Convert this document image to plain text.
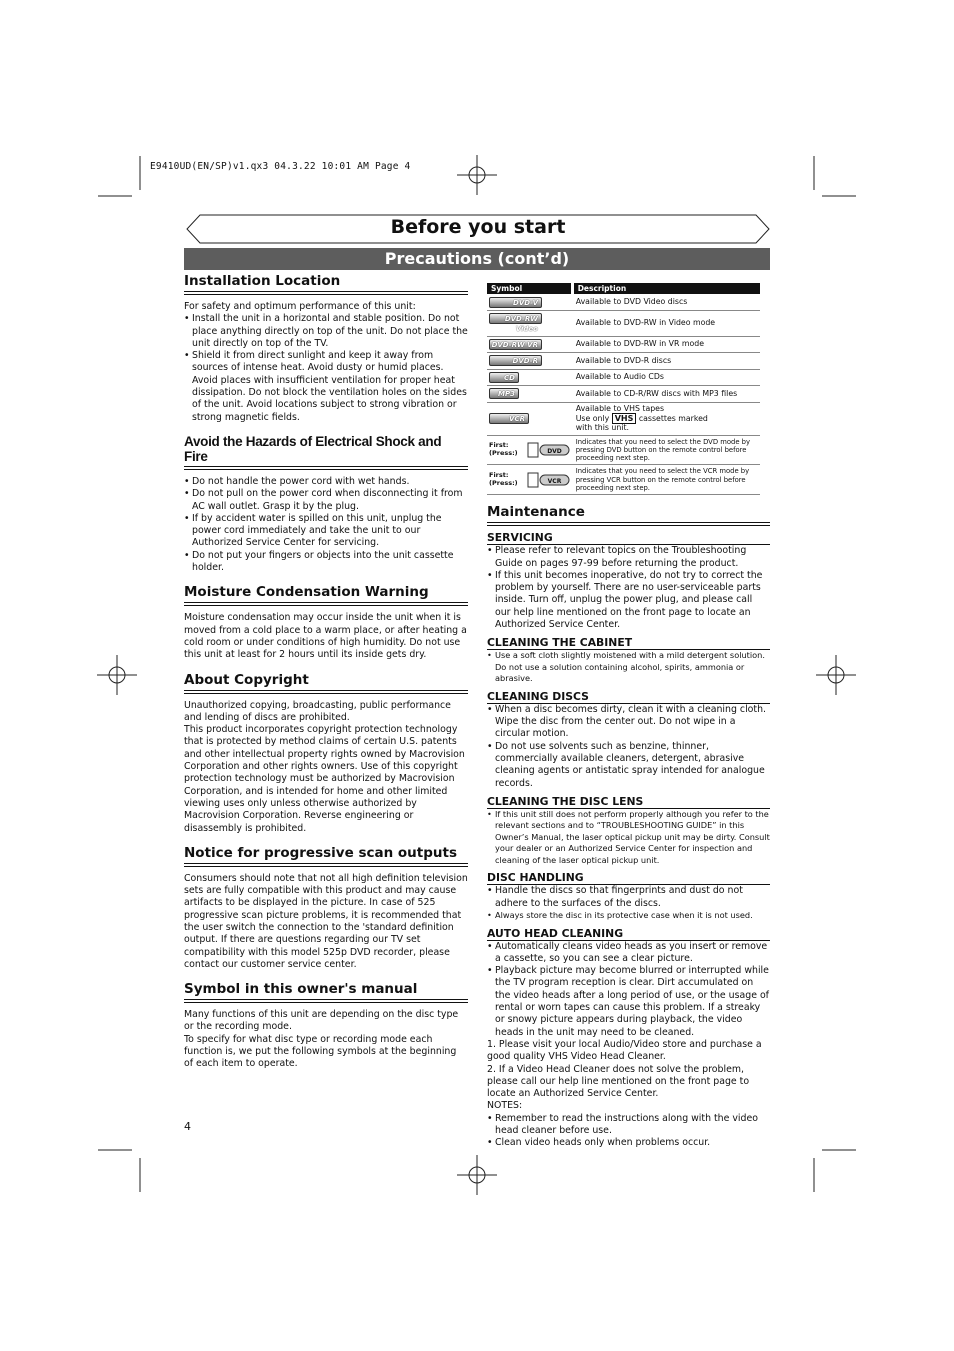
E9410UD(EN/SP)v1.qx3 04.3.22 10:01 AM Page 4
Before you start
Precautions (cont’d)
Installation Location

For safety and optimum performance of this unit:

• Install the unit in a horizontal and stable position. Do not place anything directly on top of the unit. Do not place the unit directly on top of the TV.
• Shield it from direct sunlight and keep it away from sources of intense heat. Avoid dusty or humid places. Avoid places with insufficient ventilation for proper heat dissipation. Do not block the ventilation holes on the sides of the unit. Avoid locations subject to strong vibration or strong magnetic fields.
Avoid the Hazards of Electrical Shock and Fire
• Do not handle the power cord with wet hands.
• Do not pull on the power cord when disconnecting it from AC wall outlet. Grasp it by the plug.
• If by accident water is spilled on this unit, unplug the power cord immediately and take the unit to our Authorized Service Center for servicing.
• Do not put your fingers or objects into the unit cassette holder.
Moisture Condensation Warning

Moisture condensation may occur inside the unit when it is moved from a cold place to a warm place, or after heating a cold room or under conditions of high humidity. Do not use this unit at least for 2 hours until its inside gets dry.

About Copyright

Unauthorized copying, broadcasting, public performance and lending of discs are prohibited.

This product incorporates copyright protection technology that is protected by method claims of certain U.S. patents and other intellectual property rights owned by Macrovision Corporation and other rights owners. Use of this copyright protection technology must be authorized by Macrovision Corporation, and is intended for home and other limited viewing uses only unless otherwise authorized by Macrovision Corporation. Reverse engineering or disassembly is prohibited.

Notice for progressive scan outputs

Consumers should note that not all high definition television sets are fully compatible with this product and may cause artifacts to be displayed in the picture. In case of 525 progressive scan picture problems, it is recommended that the user switch the connection to the 'standard definition output. If there are questions regarding our TV set compatibility with this model 525p DVD recorder, please contact our customer service center.

Symbol in this owner's manual

Many functions of this unit are depending on the disc type or the recording mode.

To specify for what disc type or recording mode each function is, we put the following symbols at the beginning of each item to operate.

Symbol		Description
DVD-V		Available to DVD Video discs
DVD-RW Video		Available to DVD-RW in Video mode
DVD-RW VR		Available to DVD-RW in VR mode
DVD-R		Available to DVD-R discs
CD		Available to Audio CDs
MP3		Available to CD-R/RW discs with MP3 files
VCR		Available to VHS tapes
Use only VHS cassettes marked
with this unit.

First:
(Press:) DVD		Indicates that you need to select the DVD mode by pressing DVD button on the remote control before proceeding next step.

First:
(Press:) VCR		Indicates that you need to select the VCR mode by pressing VCR button on the remote control before proceeding next step.
Maintenance
SERVICING
• Please refer to relevant topics on the Troubleshooting Guide on pages 97-99 before returning the product.
• If this unit becomes inoperative, do not try to correct the problem by yourself. There are no user-serviceable parts inside. Turn off, unplug the power plug, and please call our help line mentioned on the front page to locate an Authorized Service Center.
CLEANING THE CABINET
• Use a soft cloth slightly moistened with a mild detergent solution. Do not use a solution containing alcohol, spirits, ammonia or abrasive.
CLEANING DISCS
• When a disc becomes dirty, clean it with a cleaning cloth. Wipe the disc from the center out. Do not wipe in a circular motion.
• Do not use solvents such as benzine, thinner, commercially available cleaners, detergent, abrasive cleaning agents or antistatic spray intended for analogue records.
CLEANING THE DISC LENS
• If this unit still does not perform properly although you refer to the relevant sections and to “TROUBLESHOOTING GUIDE” in this Owner’s Manual, the laser optical pickup unit may be dirty. Consult your dealer or an Authorized Service Center for inspection and cleaning of the laser optical pickup unit.
DISC HANDLING
• Handle the discs so that fingerprints and dust do not adhere to the surfaces of the discs.
• Always store the disc in its protective case when it is not used.
AUTO HEAD CLEANING
• Automatically cleans video heads as you insert or remove a cassette, so you can see a clear picture.
• Playback picture may become blurred or interrupted while the TV program reception is clear. Dirt accumulated on the video heads after a long period of use, or the usage of rental or worn tapes can cause this problem. If a streaky or snowy picture appears during playback, the video heads in the unit may need to be cleaned.
1. Please visit your local Audio/Video store and purchase a good quality VHS Video Head Cleaner.
2. If a Video Head Cleaner does not solve the problem, please call our help line mentioned on the front page to locate an Authorized Service Center.

NOTES:

• Remember to read the instructions along with the video head cleaner before use.
• Clean video heads only when problems occur.
4
